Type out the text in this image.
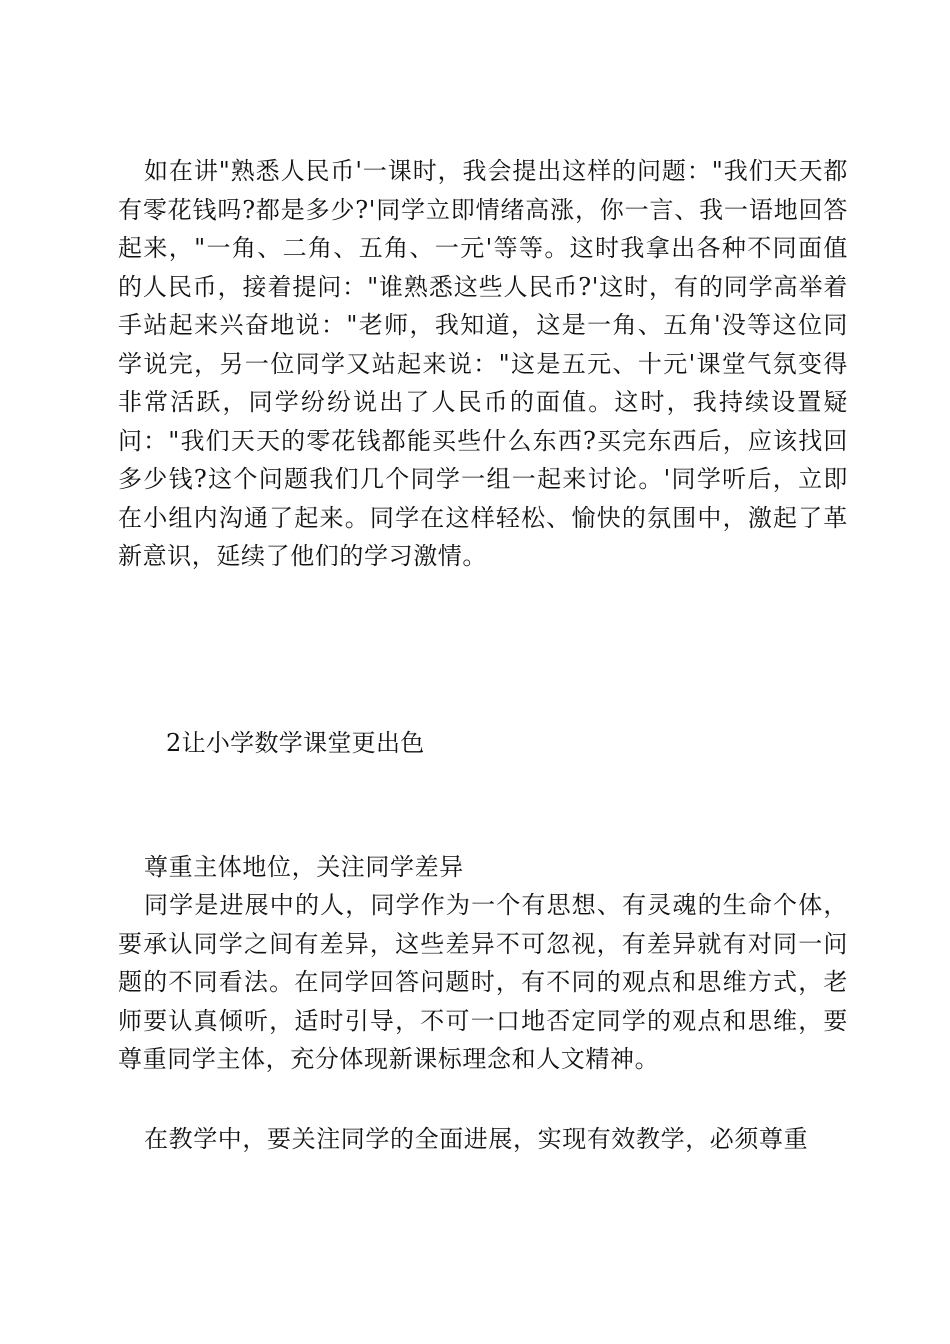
如在讲"熟悉人民币'一课时，我会提出这样的问题："我们天天都有零花钱吗?都是多少?'同学立即情绪高涨，你一言、我一语地回答起来，"一角、二角、五角、一元'等等。这时我拿出各种不同面值的人民币，接着提问："谁熟悉这些人民币?'这时，有的同学高举着手站起来兴奋地说："老师，我知道，这是一角、五角'没等这位同学说完，另一位同学又站起来说："这是五元、十元'课堂气氛变得非常活跃，同学纷纷说出了人民币的面值。这时，我持续设置疑问："我们天天的零花钱都能买些什么东西?买完东西后，应该找回多少钱?这个问题我们几个同学一组一起来讨论。'同学听后，立即在小组内沟通了起来。同学在这样轻松、愉快的氛围中，激起了革新意识，延续了他们的学习激情。

2让小学数学课堂更出色
尊重主体地位，关注同学差异

同学是进展中的人，同学作为一个有思想、有灵魂的生命个体，要承认同学之间有差异，这些差异不可忽视，有差异就有对同一问题的不同看法。在同学回答问题时，有不同的观点和思维方式，老师要认真倾听，适时引导，不可一口地否定同学的观点和思维，要尊重同学主体，充分体现新课标理念和人文精神。

在教学中，要关注同学的全面进展，实现有效教学，必须尊重
